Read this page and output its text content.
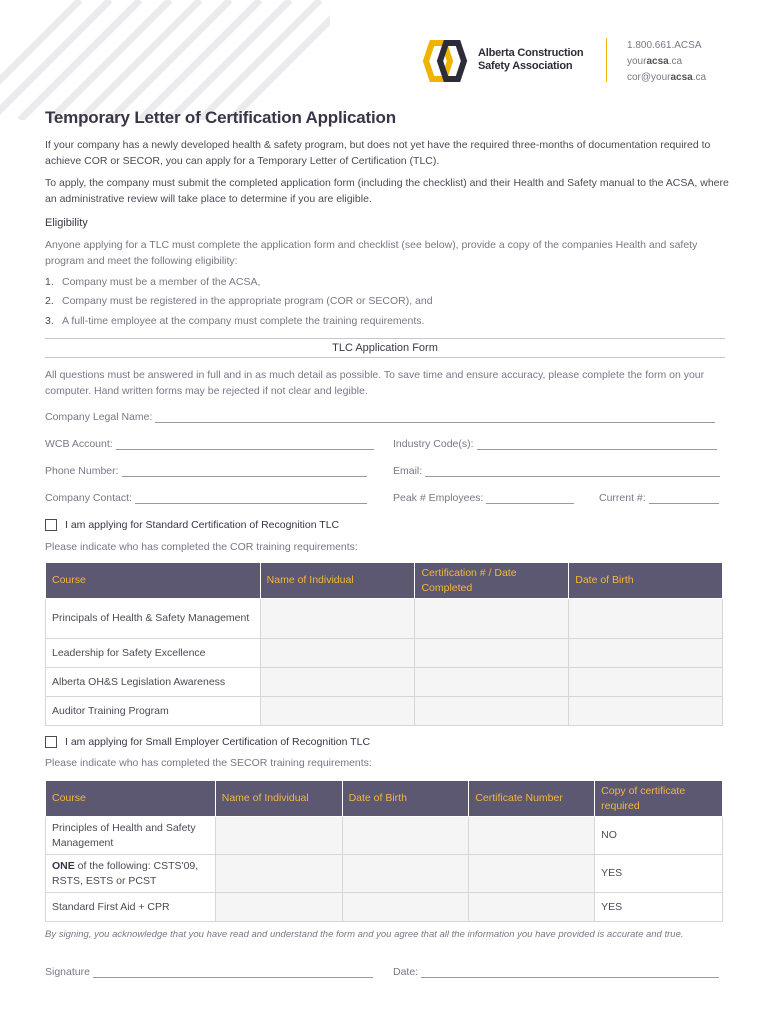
Alberta Construction
Safety Association
1.800.661.ACSA
youracsa.ca
cor@youracsa.ca
Temporary Letter of Certification Application
If your company has a newly developed health & safety program, but does not yet have the required three-months of documentation required to achieve COR or SECOR, you can apply for a Temporary Letter of Certification (TLC).
To apply, the company must submit the completed application form (including the checklist) and their Health and Safety manual to the ACSA, where an administrative review will take place to determine if you are eligible.
Eligibility
Anyone applying for a TLC must complete the application form and checklist (see below), provide a copy of the companies Health and safety program and meet the following eligibility:
1. Company must be a member of the ACSA,
2. Company must be registered in the appropriate program (COR or SECOR), and
3. A full-time employee at the company must complete the training requirements.
TLC Application Form
All questions must be answered in full and in as much detail as possible. To save time and ensure accuracy, please complete the form on your computer. Hand written forms may be rejected if not clear and legible.
Company Legal Name:
WCB Account:	Industry Code(s):
Phone Number:	Email:
Company Contact:	Peak # Employees:	Current #:
I am applying for Standard Certification of Recognition TLC
Please indicate who has completed the COR training requirements:
Course	Name of Individual	Certification # / Date Completed	Date of Birth
Principals of Health & Safety Management			
Leadership for Safety Excellence			
Alberta OH&S Legislation Awareness			
Auditor Training Program			
I am applying for Small Employer Certification of Recognition TLC
Please indicate who has completed the SECOR training requirements:
Course	Name of Individual	Date of Birth	Certificate Number	Copy of certificate required
Principles of Health and Safety Management				NO
ONE of the following: CSTS'09, RSTS, ESTS or PCST				YES
Standard First Aid + CPR				YES
By signing, you acknowledge that you have read and understand the form and you agree that all the information you have provided is accurate and true.
Signature	Date:
